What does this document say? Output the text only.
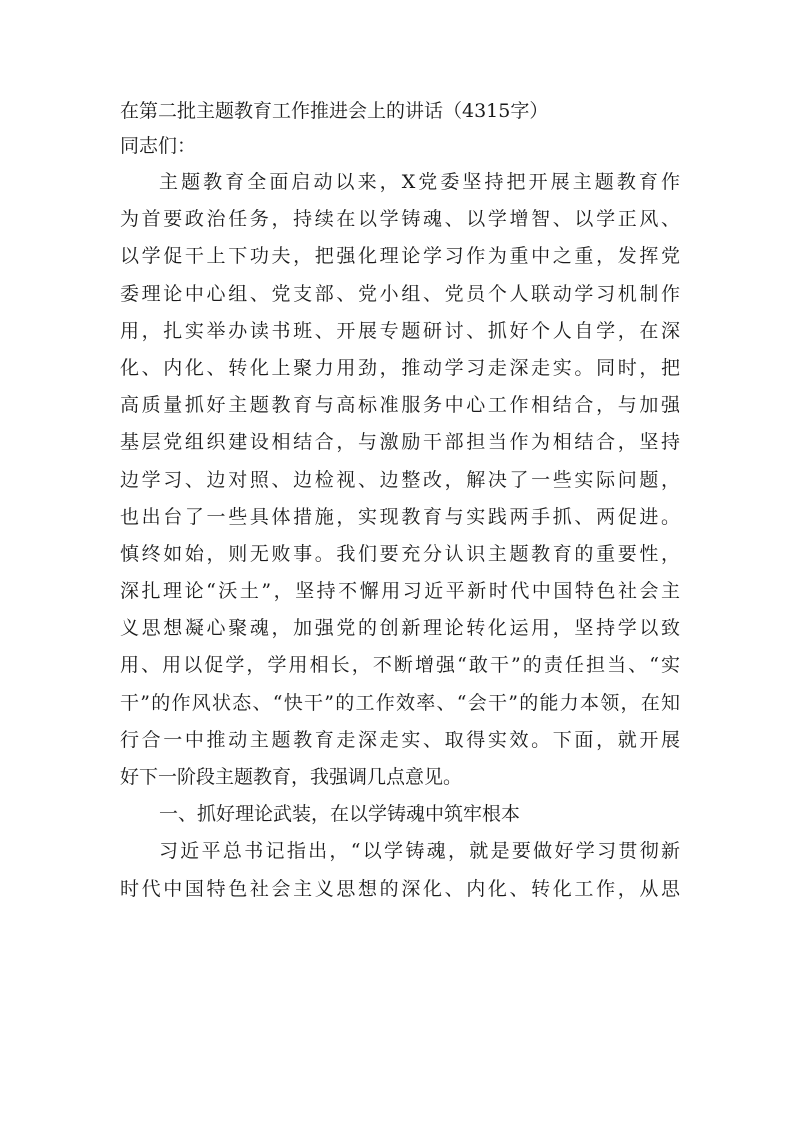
在第二批主题教育工作推进会上的讲话（4315字）
同志们：
主题教育全面启动以来，X党委坚持把开展主题教育作
为首要政治任务，持续在以学铸魂、以学增智、以学正风、
以学促干上下功夫，把强化理论学习作为重中之重，发挥党
委理论中心组、党支部、党小组、党员个人联动学习机制作
用，扎实举办读书班、开展专题研讨、抓好个人自学，在深
化、内化、转化上聚力用劲，推动学习走深走实。同时，把
高质量抓好主题教育与高标准服务中心工作相结合，与加强
基层党组织建设相结合，与激励干部担当作为相结合，坚持
边学习、边对照、边检视、边整改，解决了一些实际问题，
也出台了一些具体措施，实现教育与实践两手抓、两促进。
慎终如始，则无败事。我们要充分认识主题教育的重要性，
深扎理论“沃土”，坚持不懈用习近平新时代中国特色社会主
义思想凝心聚魂，加强党的创新理论转化运用，坚持学以致
用、用以促学，学用相长，不断增强“敢干”的责任担当、“实
干”的作风状态、“快干”的工作效率、“会干”的能力本领，在知
行合一中推动主题教育走深走实、取得实效。下面，就开展
好下一阶段主题教育，我强调几点意见。
一、抓好理论武装，在以学铸魂中筑牢根本
习近平总书记指出，“以学铸魂，就是要做好学习贯彻新
时代中国特色社会主义思想的深化、内化、转化工作，从思
